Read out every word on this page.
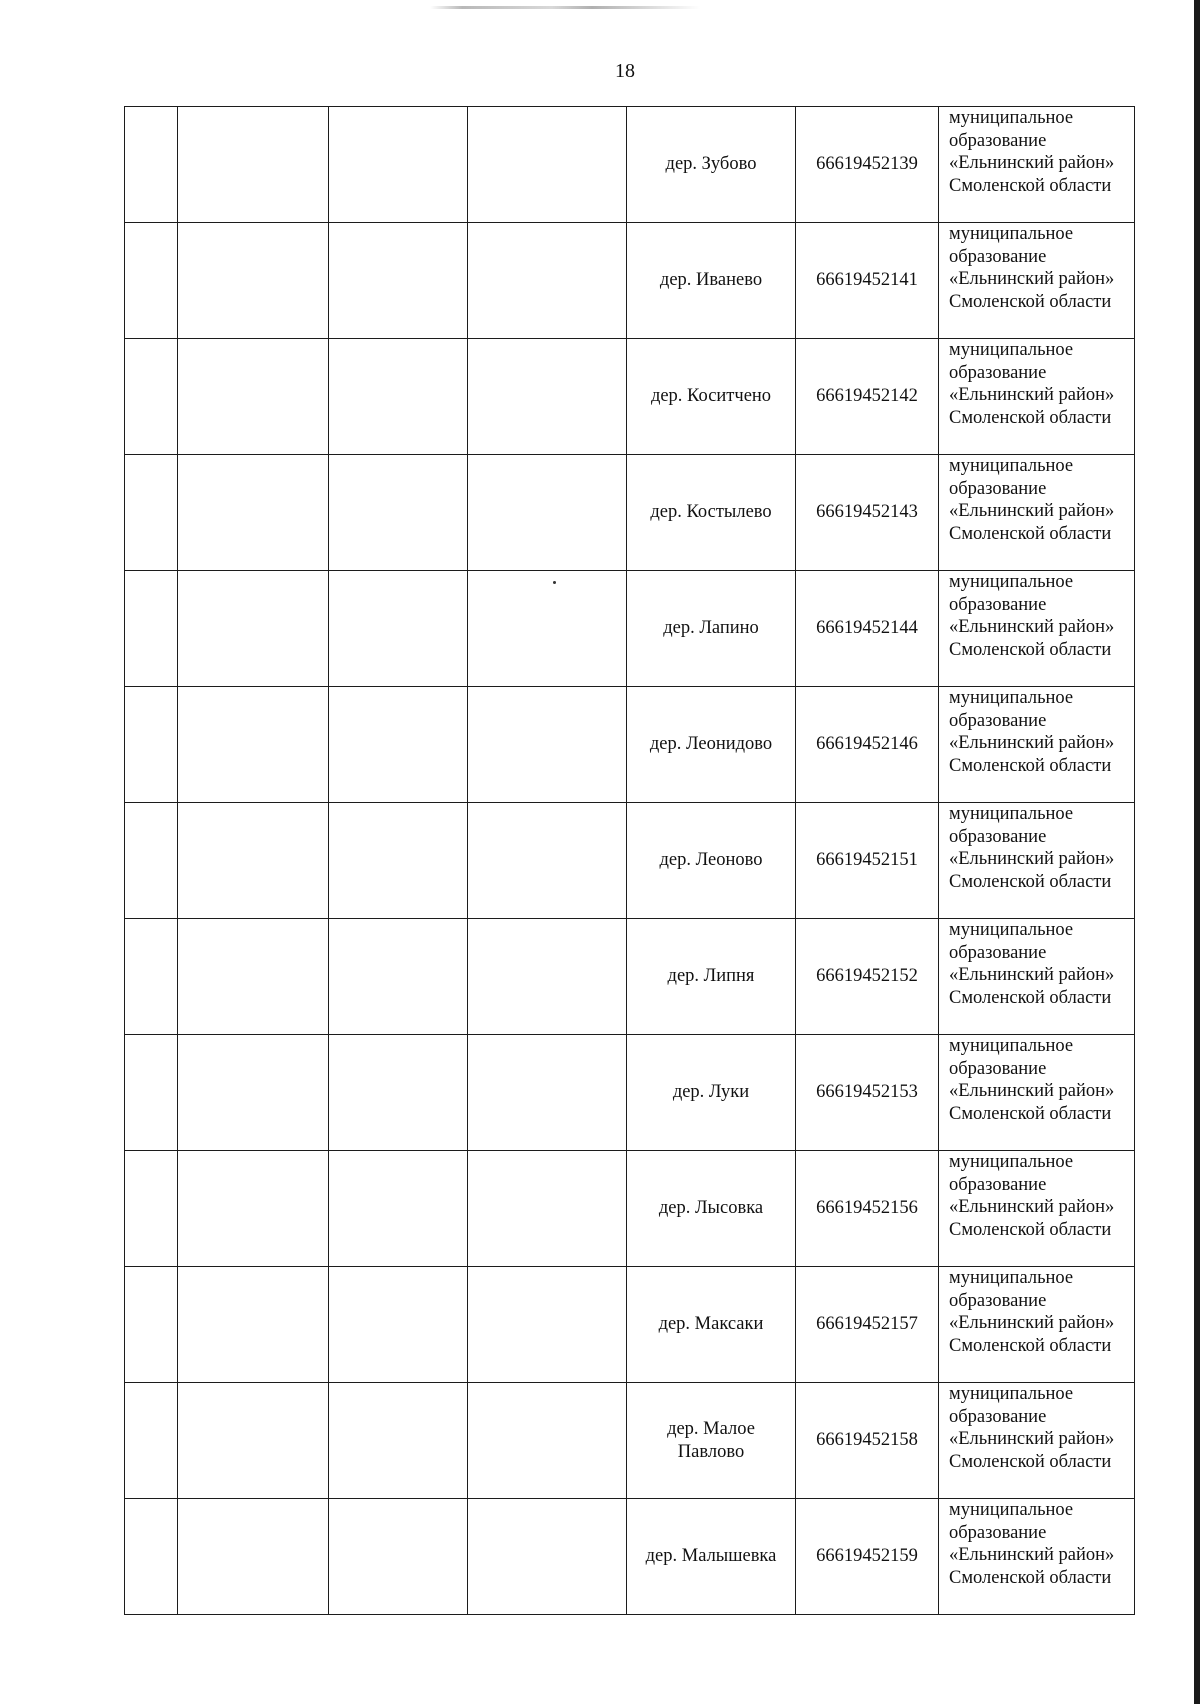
18
				дер. Зубово	66619452139	муниципальное образование «Ельнинский район» Смоленской области
				дер. Иванево	66619452141	муниципальное образование «Ельнинский район» Смоленской области
				дер. Коситчено	66619452142	муниципальное образование «Ельнинский район» Смоленской области
				дер. Костылево	66619452143	муниципальное образование «Ельнинский район» Смоленской области
				дер. Лапино	66619452144	муниципальное образование «Ельнинский район» Смоленской области
				дер. Леонидово	66619452146	муниципальное образование «Ельнинский район» Смоленской области
				дер. Леоново	66619452151	муниципальное образование «Ельнинский район» Смоленской области
				дер. Липня	66619452152	муниципальное образование «Ельнинский район» Смоленской области
				дер. Луки	66619452153	муниципальное образование «Ельнинский район» Смоленской области
				дер. Лысовка	66619452156	муниципальное образование «Ельнинский район» Смоленской области
				дер. Максаки	66619452157	муниципальное образование «Ельнинский район» Смоленской области
				дер. Малое Павлово	66619452158	муниципальное образование «Ельнинский район» Смоленской области
				дер. Малышевка	66619452159	муниципальное образование «Ельнинский район» Смоленской области
